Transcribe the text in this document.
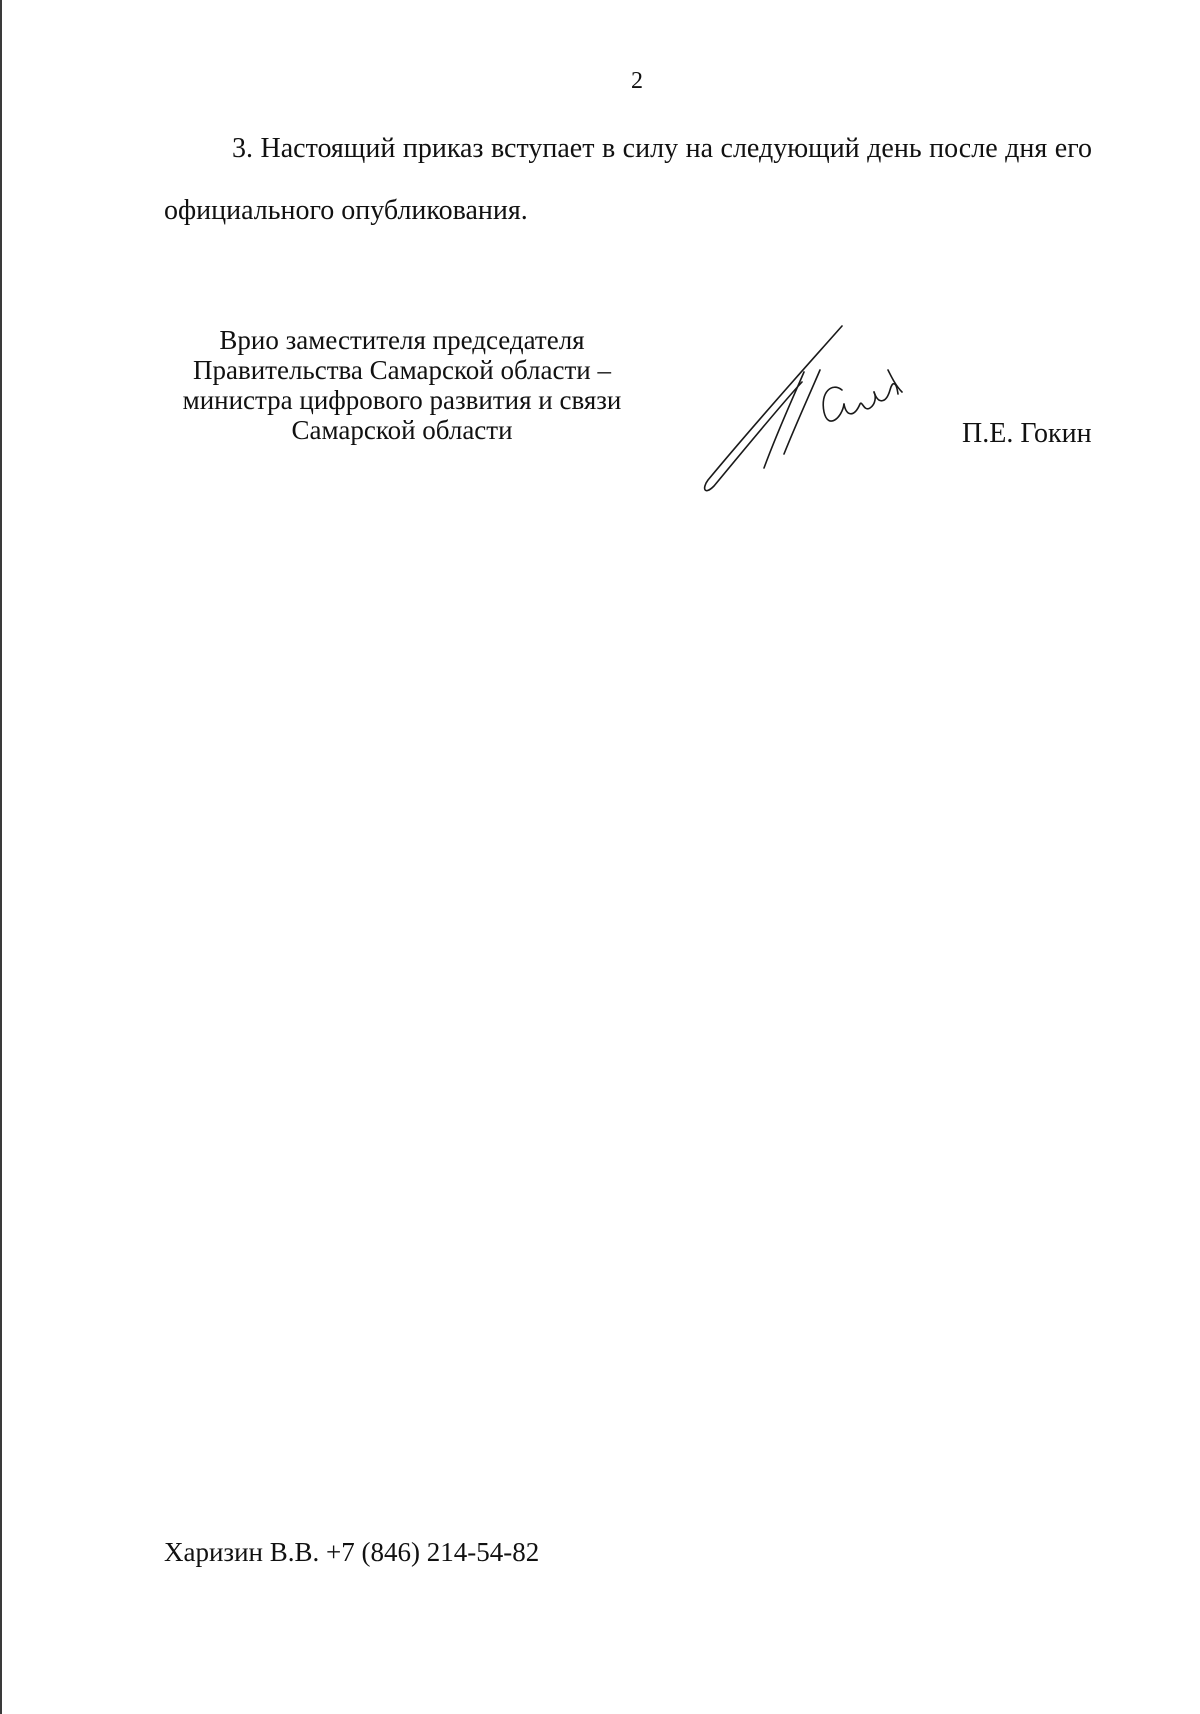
2
3. Настоящий приказ вступает в силу на следующий день после дня его официального опубликования.
Врио заместителя председателя
Правительства Самарской области –
министра цифрового развития и связи
Самарской области	П.Е. Гокин
Харизин В.В. +7 (846) 214-54-82
